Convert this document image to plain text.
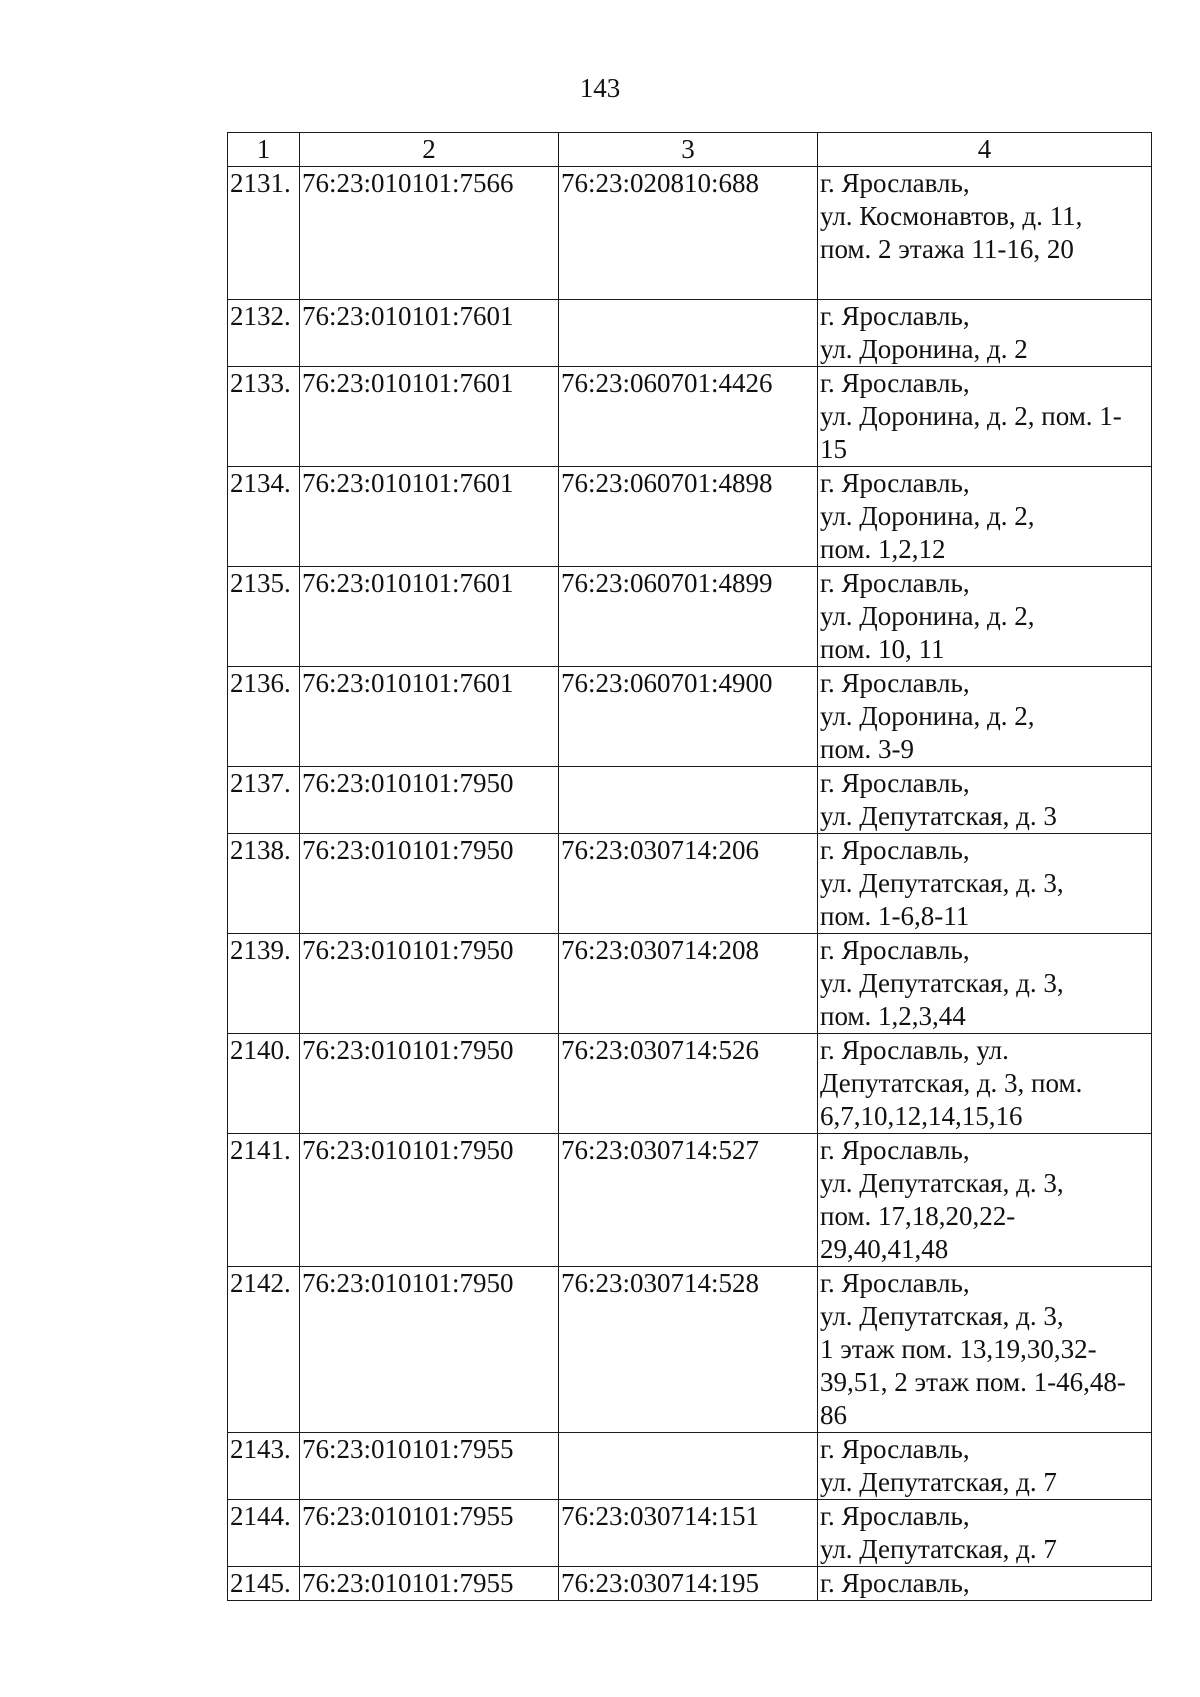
143
1	2	3	4
2131.	76:23:010101:7566	76:23:020810:688	г. Ярославль,
ул. Космонавтов, д. 11,
пом. 2 этажа 11-16, 20

2132.	76:23:010101:7601		г. Ярославль,
ул. Доронина, д. 2

2133.	76:23:010101:7601	76:23:060701:4426	г. Ярославль,
ул. Доронина, д. 2, пом. 1-
15

2134.	76:23:010101:7601	76:23:060701:4898	г. Ярославль,
ул. Доронина, д. 2,
пом. 1,2,12

2135.	76:23:010101:7601	76:23:060701:4899	г. Ярославль,
ул. Доронина, д. 2,
пом. 10, 11

2136.	76:23:010101:7601	76:23:060701:4900	г. Ярославль,
ул. Доронина, д. 2,
пом. 3-9

2137.	76:23:010101:7950		г. Ярославль,
ул. Депутатская, д. 3

2138.	76:23:010101:7950	76:23:030714:206	г. Ярославль,
ул. Депутатская, д. 3,
пом. 1-6,8-11

2139.	76:23:010101:7950	76:23:030714:208	г. Ярославль,
ул. Депутатская, д. 3,
пом. 1,2,3,44

2140.	76:23:010101:7950	76:23:030714:526	г. Ярославль, ул.
Депутатская, д. 3, пом.
6,7,10,12,14,15,16

2141.	76:23:010101:7950	76:23:030714:527	г. Ярославль,
ул. Депутатская, д. 3,
пом. 17,18,20,22-
29,40,41,48

2142.	76:23:010101:7950	76:23:030714:528	г. Ярославль,
ул. Депутатская, д. 3,
1 этаж пом. 13,19,30,32-
39,51, 2 этаж пом. 1-46,48-
86

2143.	76:23:010101:7955		г. Ярославль,
ул. Депутатская, д. 7

2144.	76:23:010101:7955	76:23:030714:151	г. Ярославль,
ул. Депутатская, д. 7

2145.	76:23:010101:7955	76:23:030714:195	г. Ярославль,
